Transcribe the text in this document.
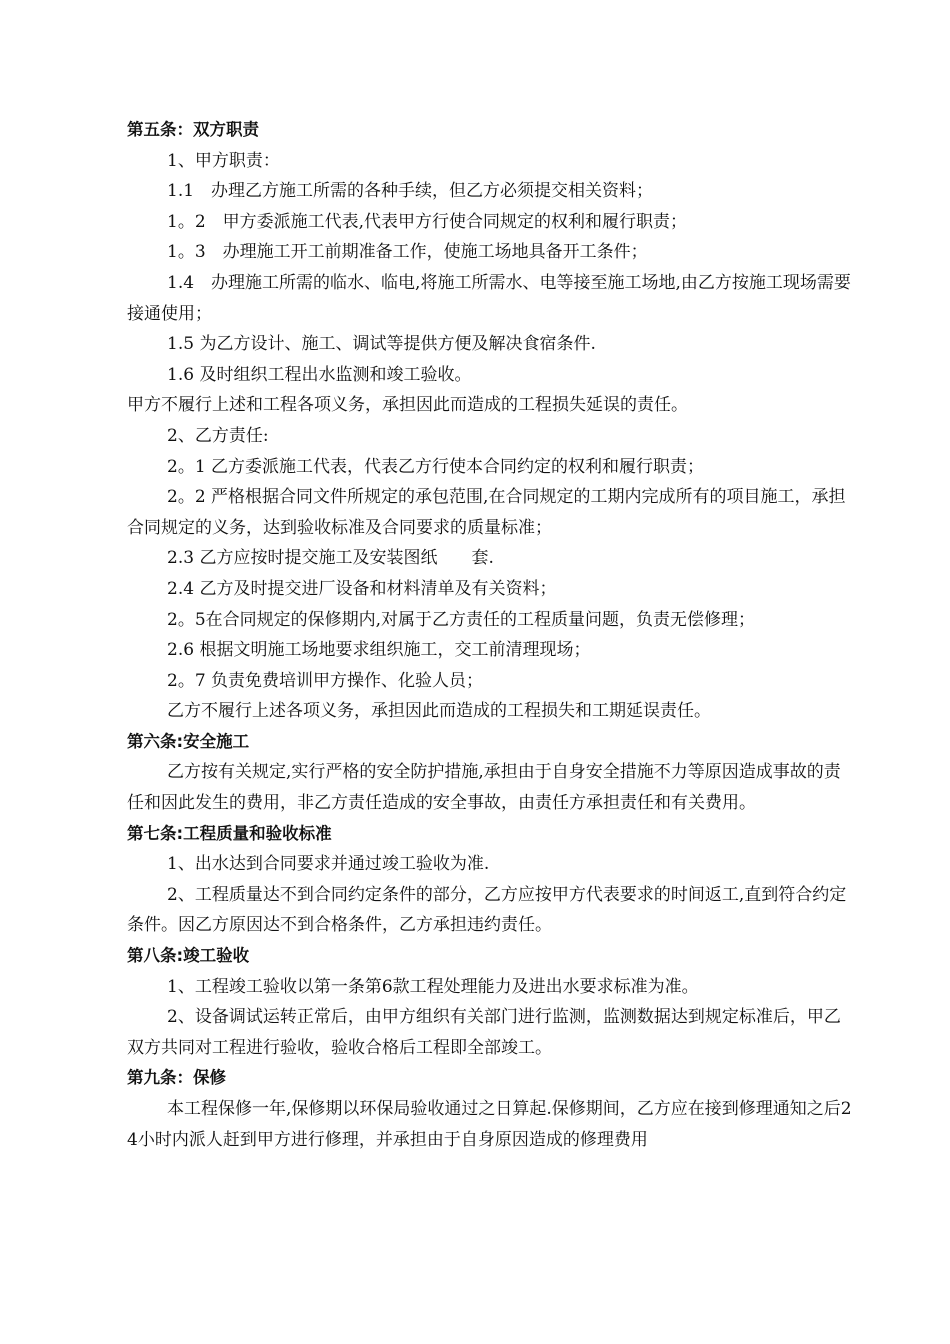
第五条：双方职责

1、甲方职责：

1.1　办理乙方施工所需的各种手续，但乙方必须提交相关资料；

1。2　甲方委派施工代表,代表甲方行使合同规定的权利和履行职责；

1。3　办理施工开工前期准备工作，使施工场地具备开工条件；

1.4　办理施工所需的临水、临电,将施工所需水、电等接至施工场地,由乙方按施工现场需要接通使用；

1.5 为乙方设计、施工、调试等提供方便及解决食宿条件.

1.6 及时组织工程出水监测和竣工验收。

甲方不履行上述和工程各项义务，承担因此而造成的工程损失延误的责任。

2、乙方责任:

2。1 乙方委派施工代表，代表乙方行使本合同约定的权利和履行职责；

2。2 严格根据合同文件所规定的承包范围,在合同规定的工期内完成所有的项目施工，承担合同规定的义务，达到验收标准及合同要求的质量标准；

2.3 乙方应按时提交施工及安装图纸 套.

2.4 乙方及时提交进厂设备和材料清单及有关资料；

2。5在合同规定的保修期内,对属于乙方责任的工程质量问题，负责无偿修理；

2.6 根据文明施工场地要求组织施工，交工前清理现场；

2。7 负责免费培训甲方操作、化验人员；

乙方不履行上述各项义务，承担因此而造成的工程损失和工期延误责任。

第六条:安全施工

乙方按有关规定,实行严格的安全防护措施,承担由于自身安全措施不力等原因造成事故的责任和因此发生的费用，非乙方责任造成的安全事故，由责任方承担责任和有关费用。

第七条:工程质量和验收标准

1、出水达到合同要求并通过竣工验收为准.

2、工程质量达不到合同约定条件的部分，乙方应按甲方代表要求的时间返工,直到符合约定条件。因乙方原因达不到合格条件，乙方承担违约责任。

第八条:竣工验收

1、工程竣工验收以第一条第6款工程处理能力及进出水要求标准为准。

2、设备调试运转正常后，由甲方组织有关部门进行监测，监测数据达到规定标准后，甲乙双方共同对工程进行验收，验收合格后工程即全部竣工。

第九条：保修

本工程保修一年,保修期以环保局验收通过之日算起.保修期间，乙方应在接到修理通知之后24小时内派人赶到甲方进行修理，并承担由于自身原因造成的修理费用
